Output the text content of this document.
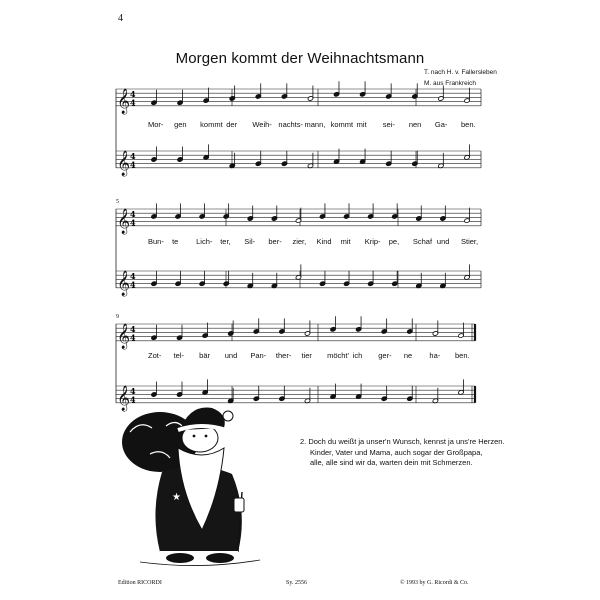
4
Morgen kommt der Weihnachtsmann
T. nach H. v. Fallersleben
M. aus Frankreich
𝄞 4
4
𝄞 4
4
Mor- gen kommt der Weih- nachts- mann, kommt mit sei- nen Ga- ben.
𝄞 4
4
𝄞 4
4
5
Bun- te Lich- ter, Sil- ber- zier, Kind mit Krip- pe, Schaf und Stier,
𝄞 4
4
𝄞 4
4
9
Zot- tel- bär und Pan- ther- tier möcht' ich ger- ne ha- ben.
★
2. Doch du weißt ja unser'n Wunsch, kennst ja uns're Herzen.
Kinder, Vater und Mama, auch sogar der Großpapa,
alle, alle sind wir da, warten dein mit Schmerzen.
Edition RICORDI	Sy. 2556	© 1993 by G. Ricordi & Co.
